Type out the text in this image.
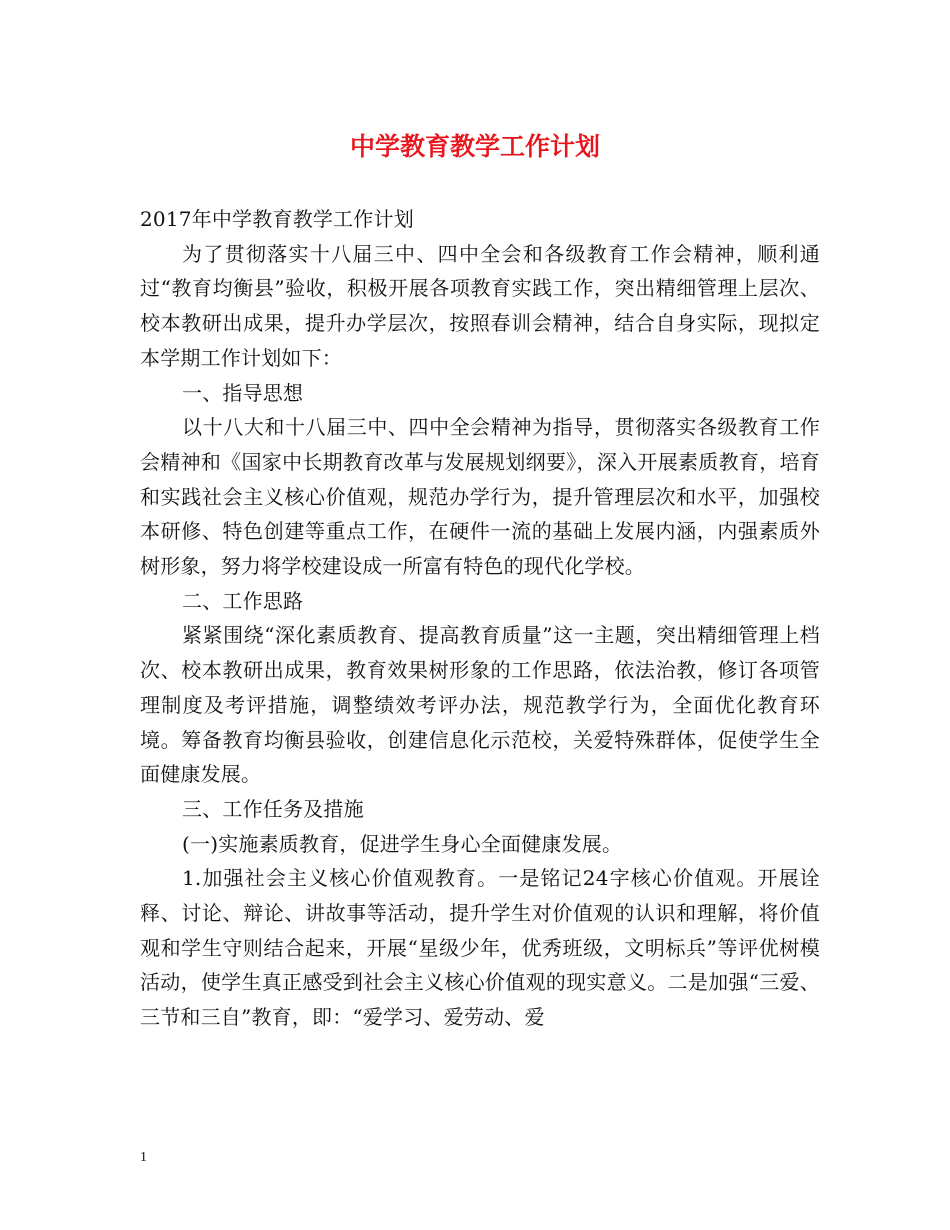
中学教育教学工作计划

2017年中学教育教学工作计划

为了贯彻落实十八届三中、四中全会和各级教育工作会精神，顺利通过“教育均衡县”验收，积极开展各项教育实践工作，突出精细管理上层次、校本教研出成果，提升办学层次，按照春训会精神，结合自身实际，现拟定本学期工作计划如下：

一、指导思想

以十八大和十八届三中、四中全会精神为指导，贯彻落实各级教育工作会精神和《国家中长期教育改革与发展规划纲要》，深入开展素质教育，培育和实践社会主义核心价值观，规范办学行为，提升管理层次和水平，加强校本研修、特色创建等重点工作，在硬件一流的基础上发展内涵，内强素质外树形象，努力将学校建设成一所富有特色的现代化学校。

二、工作思路

紧紧围绕“深化素质教育、提高教育质量”这一主题，突出精细管理上档次、校本教研出成果，教育效果树形象的工作思路，依法治教，修订各项管理制度及考评措施，调整绩效考评办法，规范教学行为，全面优化教育环境。筹备教育均衡县验收，创建信息化示范校，关爱特殊群体，促使学生全面健康发展。

三、工作任务及措施

(一)实施素质教育，促进学生身心全面健康发展。

1.加强社会主义核心价值观教育。一是铭记24字核心价值观。开展诠释、讨论、辩论、讲故事等活动，提升学生对价值观的认识和理解，将价值观和学生守则结合起来，开展“星级少年，优秀班级，文明标兵”等评优树模活动，使学生真正感受到社会主义核心价值观的现实意义。二是加强“三爱、三节和三自”教育，即：“爱学习、爱劳动、爱

1
